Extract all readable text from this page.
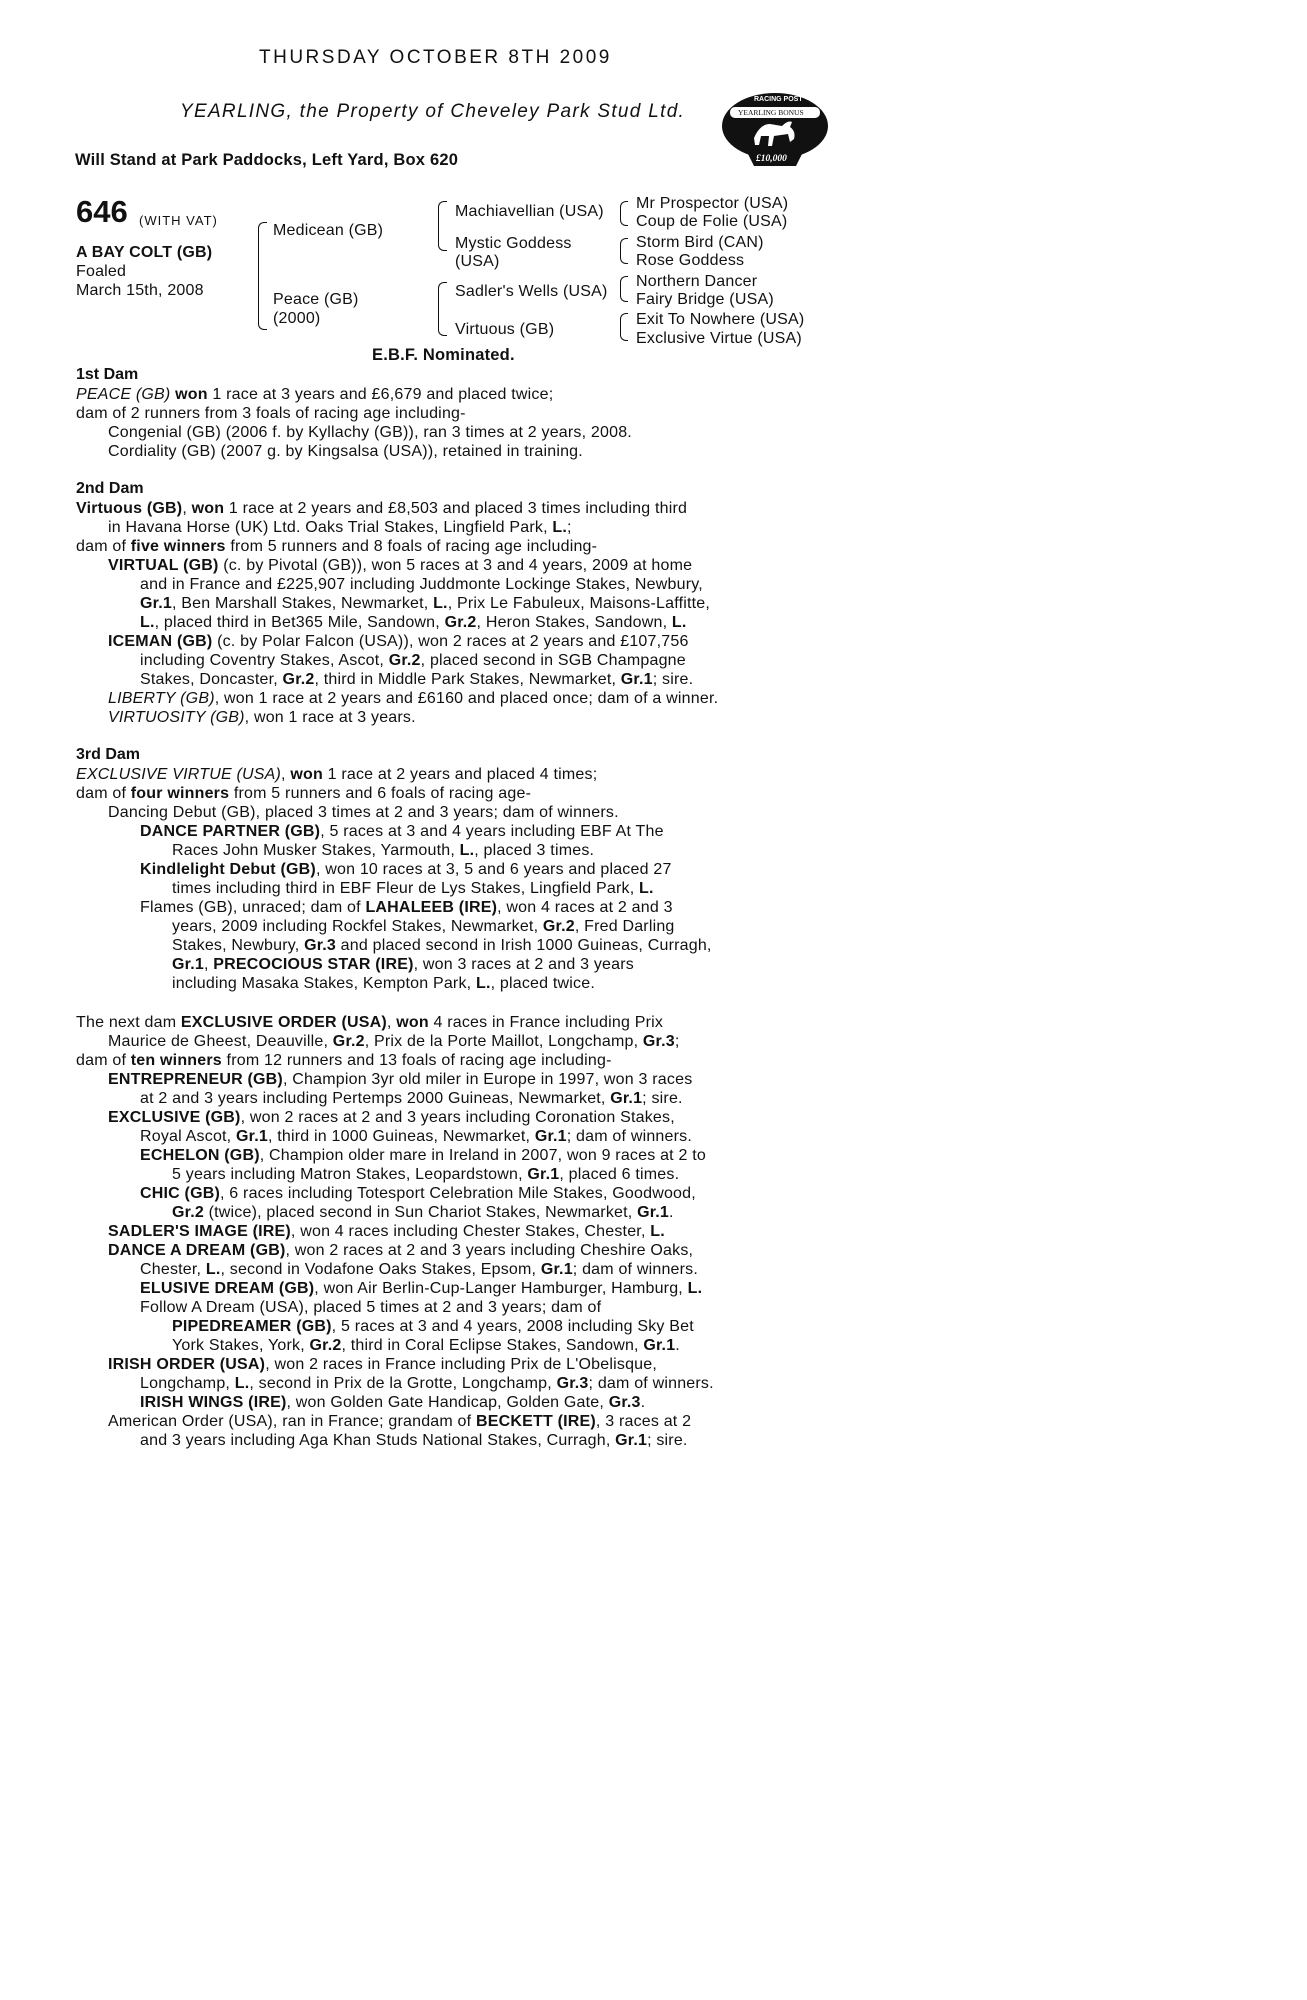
THURSDAY OCTOBER 8TH 2009
YEARLING, the Property of Cheveley Park Stud Ltd.
Will Stand at Park Paddocks, Left Yard, Box 620
RACING POST
YEARLING BONUS
£10,000
646 (WITH VAT)
A BAY COLT (GB)
Foaled
March 15th, 2008
Medicean (GB)
Peace (GB)
(2000)
Machiavellian (USA)
Mystic Goddess
(USA)
Sadler's Wells (USA)
Virtuous (GB)
Mr Prospector (USA)
Coup de Folie (USA)
Storm Bird (CAN)
Rose Goddess
Northern Dancer
Fairy Bridge (USA)
Exit To Nowhere (USA)
Exclusive Virtue (USA)
E.B.F. Nominated.
1st Dam
PEACE (GB) won 1 race at 3 years and £6,679 and placed twice;
dam of 2 runners from 3 foals of racing age including-
Congenial (GB) (2006 f. by Kyllachy (GB)), ran 3 times at 2 years, 2008.
Cordiality (GB) (2007 g. by Kingsalsa (USA)), retained in training.
2nd Dam
Virtuous (GB), won 1 race at 2 years and £8,503 and placed 3 times including third
in Havana Horse (UK) Ltd. Oaks Trial Stakes, Lingfield Park, L.;
dam of five winners from 5 runners and 8 foals of racing age including-
VIRTUAL (GB) (c. by Pivotal (GB)), won 5 races at 3 and 4 years, 2009 at home
and in France and £225,907 including Juddmonte Lockinge Stakes, Newbury,
Gr.1, Ben Marshall Stakes, Newmarket, L., Prix Le Fabuleux, Maisons-Laffitte,
L., placed third in Bet365 Mile, Sandown, Gr.2, Heron Stakes, Sandown, L.
ICEMAN (GB) (c. by Polar Falcon (USA)), won 2 races at 2 years and £107,756
including Coventry Stakes, Ascot, Gr.2, placed second in SGB Champagne
Stakes, Doncaster, Gr.2, third in Middle Park Stakes, Newmarket, Gr.1; sire.
LIBERTY (GB), won 1 race at 2 years and £6160 and placed once; dam of a winner.
VIRTUOSITY (GB), won 1 race at 3 years.
3rd Dam
EXCLUSIVE VIRTUE (USA), won 1 race at 2 years and placed 4 times;
dam of four winners from 5 runners and 6 foals of racing age-
Dancing Debut (GB), placed 3 times at 2 and 3 years; dam of winners.
DANCE PARTNER (GB), 5 races at 3 and 4 years including EBF At The
Races John Musker Stakes, Yarmouth, L., placed 3 times.
Kindlelight Debut (GB), won 10 races at 3, 5 and 6 years and placed 27
times including third in EBF Fleur de Lys Stakes, Lingfield Park, L.
Flames (GB), unraced; dam of LAHALEEB (IRE), won 4 races at 2 and 3
years, 2009 including Rockfel Stakes, Newmarket, Gr.2, Fred Darling
Stakes, Newbury, Gr.3 and placed second in Irish 1000 Guineas, Curragh,
Gr.1, PRECOCIOUS STAR (IRE), won 3 races at 2 and 3 years
including Masaka Stakes, Kempton Park, L., placed twice.
The next dam EXCLUSIVE ORDER (USA), won 4 races in France including Prix
Maurice de Gheest, Deauville, Gr.2, Prix de la Porte Maillot, Longchamp, Gr.3;
dam of ten winners from 12 runners and 13 foals of racing age including-
ENTREPRENEUR (GB), Champion 3yr old miler in Europe in 1997, won 3 races
at 2 and 3 years including Pertemps 2000 Guineas, Newmarket, Gr.1; sire.
EXCLUSIVE (GB), won 2 races at 2 and 3 years including Coronation Stakes,
Royal Ascot, Gr.1, third in 1000 Guineas, Newmarket, Gr.1; dam of winners.
ECHELON (GB), Champion older mare in Ireland in 2007, won 9 races at 2 to
5 years including Matron Stakes, Leopardstown, Gr.1, placed 6 times.
CHIC (GB), 6 races including Totesport Celebration Mile Stakes, Goodwood,
Gr.2 (twice), placed second in Sun Chariot Stakes, Newmarket, Gr.1.
SADLER'S IMAGE (IRE), won 4 races including Chester Stakes, Chester, L.
DANCE A DREAM (GB), won 2 races at 2 and 3 years including Cheshire Oaks,
Chester, L., second in Vodafone Oaks Stakes, Epsom, Gr.1; dam of winners.
ELUSIVE DREAM (GB), won Air Berlin-Cup-Langer Hamburger, Hamburg, L.
Follow A Dream (USA), placed 5 times at 2 and 3 years; dam of
PIPEDREAMER (GB), 5 races at 3 and 4 years, 2008 including Sky Bet
York Stakes, York, Gr.2, third in Coral Eclipse Stakes, Sandown, Gr.1.
IRISH ORDER (USA), won 2 races in France including Prix de L'Obelisque,
Longchamp, L., second in Prix de la Grotte, Longchamp, Gr.3; dam of winners.
IRISH WINGS (IRE), won Golden Gate Handicap, Golden Gate, Gr.3.
American Order (USA), ran in France; grandam of BECKETT (IRE), 3 races at 2
and 3 years including Aga Khan Studs National Stakes, Curragh, Gr.1; sire.
